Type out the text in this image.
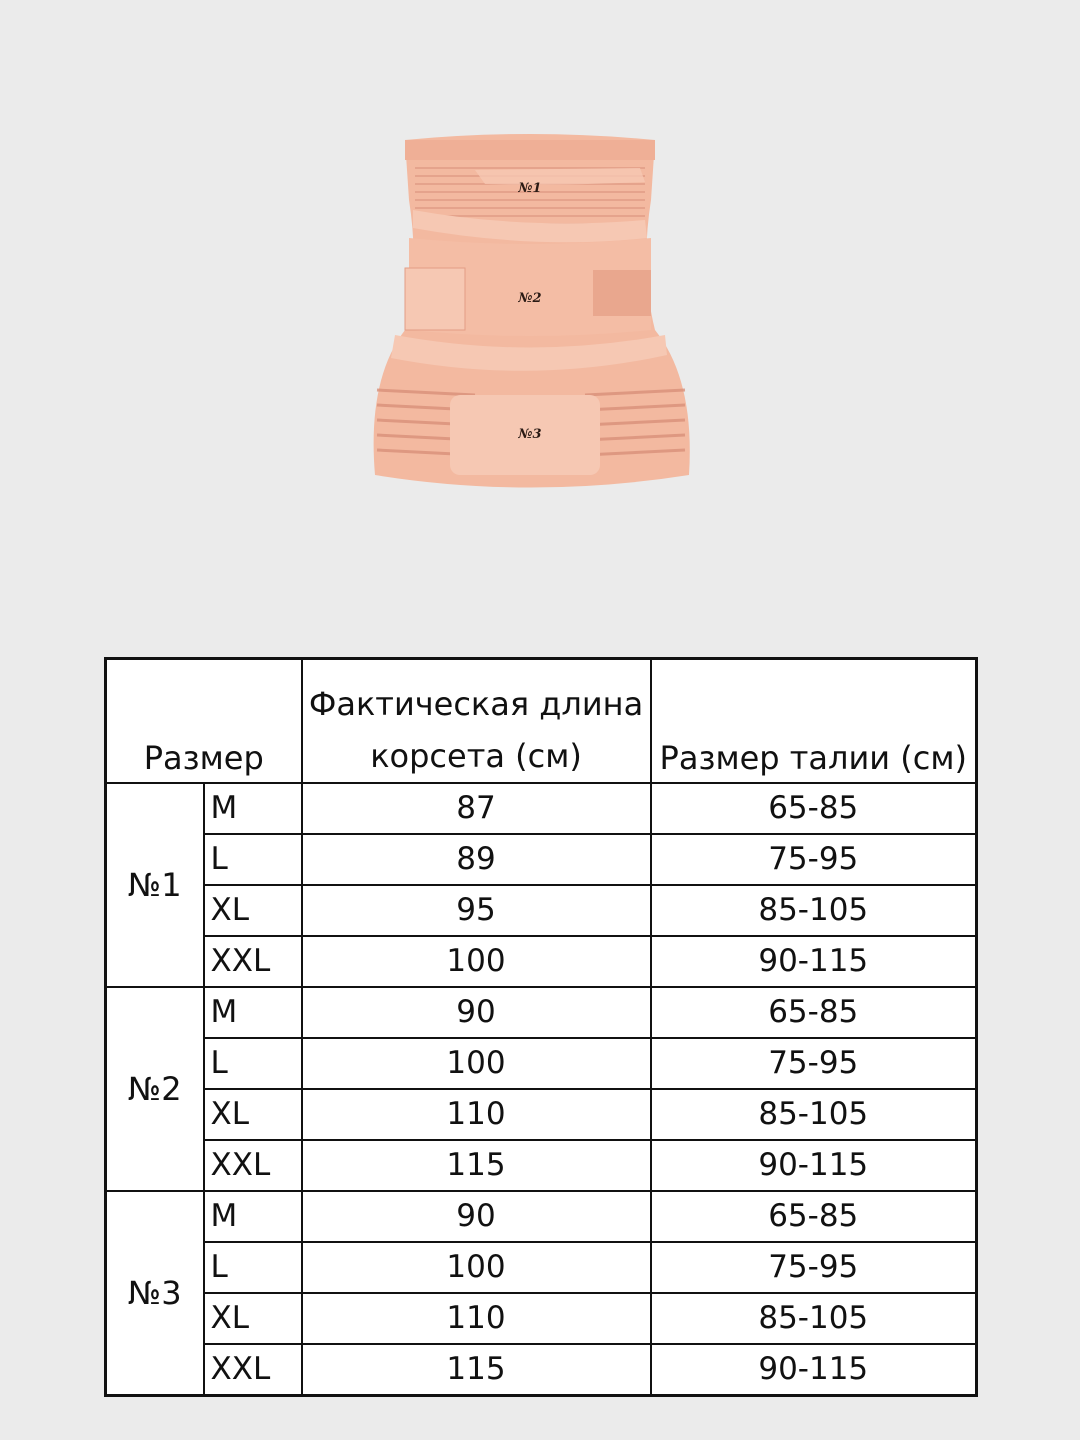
№1
№2
№3
Размер		Фактическая длина
корсета (см)	Размер талии (см)
№1	M	87	65-85
	L	89	75-95
	XL	95	85-105
	XXL	100	90-115
№2	M	90	65-85
	L	100	75-95
	XL	110	85-105
	XXL	115	90-115
№3	M	90	65-85
	L	100	75-95
	XL	110	85-105
	XXL	115	90-115
